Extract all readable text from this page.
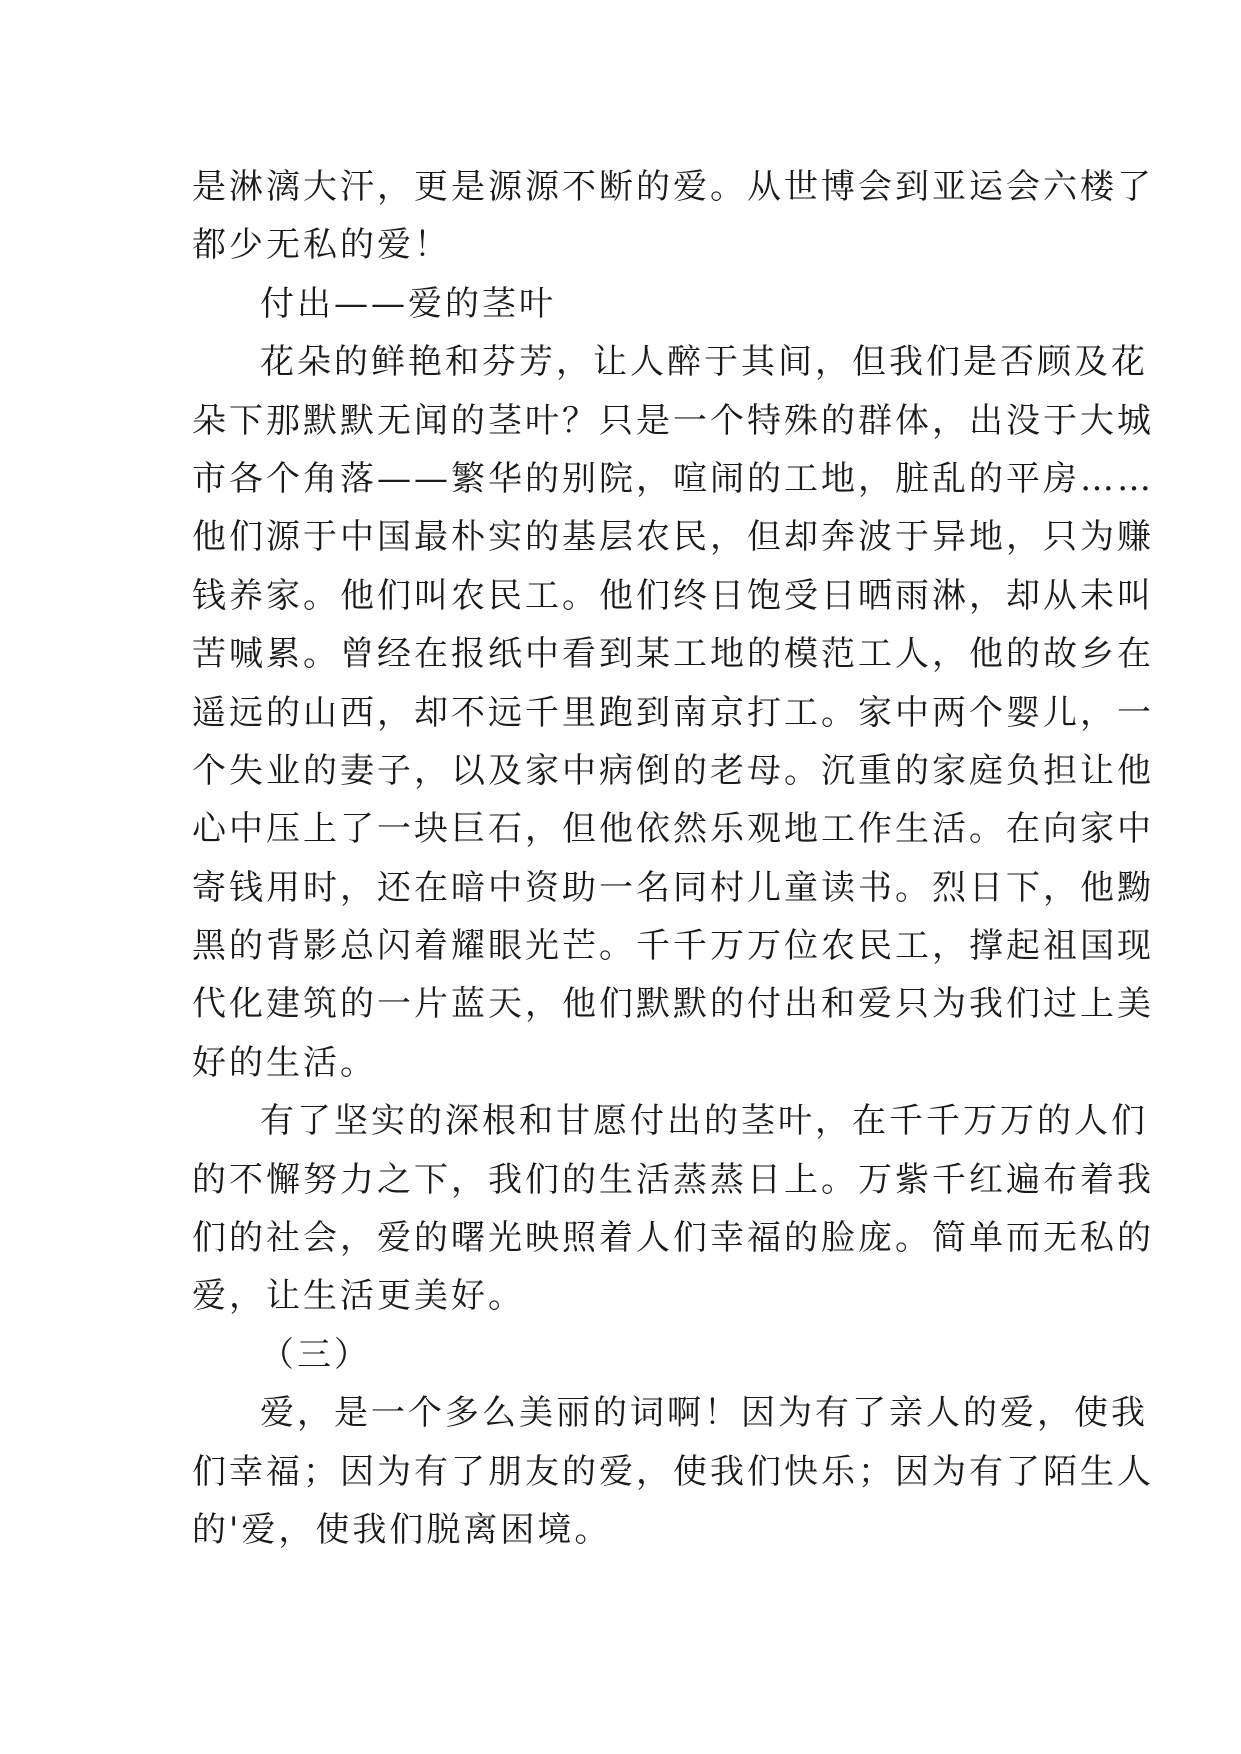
是淋漓大汗，更是源源不断的爱。从世博会到亚运会六楼了
都少无私的爱！
付出——爱的茎叶
花朵的鲜艳和芬芳，让人醉于其间，但我们是否顾及花
朵下那默默无闻的茎叶？只是一个特殊的群体，出没于大城
市各个角落——繁华的别院，喧闹的工地，脏乱的平房……
他们源于中国最朴实的基层农民，但却奔波于异地，只为赚
钱养家。他们叫农民工。他们终日饱受日晒雨淋，却从未叫
苦喊累。曾经在报纸中看到某工地的模范工人，他的故乡在
遥远的山西，却不远千里跑到南京打工。家中两个婴儿，一
个失业的妻子，以及家中病倒的老母。沉重的家庭负担让他
心中压上了一块巨石，但他依然乐观地工作生活。在向家中
寄钱用时，还在暗中资助一名同村儿童读书。烈日下，他黝
黑的背影总闪着耀眼光芒。千千万万位农民工，撑起祖国现
代化建筑的一片蓝天，他们默默的付出和爱只为我们过上美
好的生活。
有了坚实的深根和甘愿付出的茎叶，在千千万万的人们
的不懈努力之下，我们的生活蒸蒸日上。万紫千红遍布着我
们的社会，爱的曙光映照着人们幸福的脸庞。简单而无私的
爱，让生活更美好。
（三）
爱，是一个多么美丽的词啊！因为有了亲人的爱，使我
们幸福；因为有了朋友的爱，使我们快乐；因为有了陌生人
的'爱，使我们脱离困境。
